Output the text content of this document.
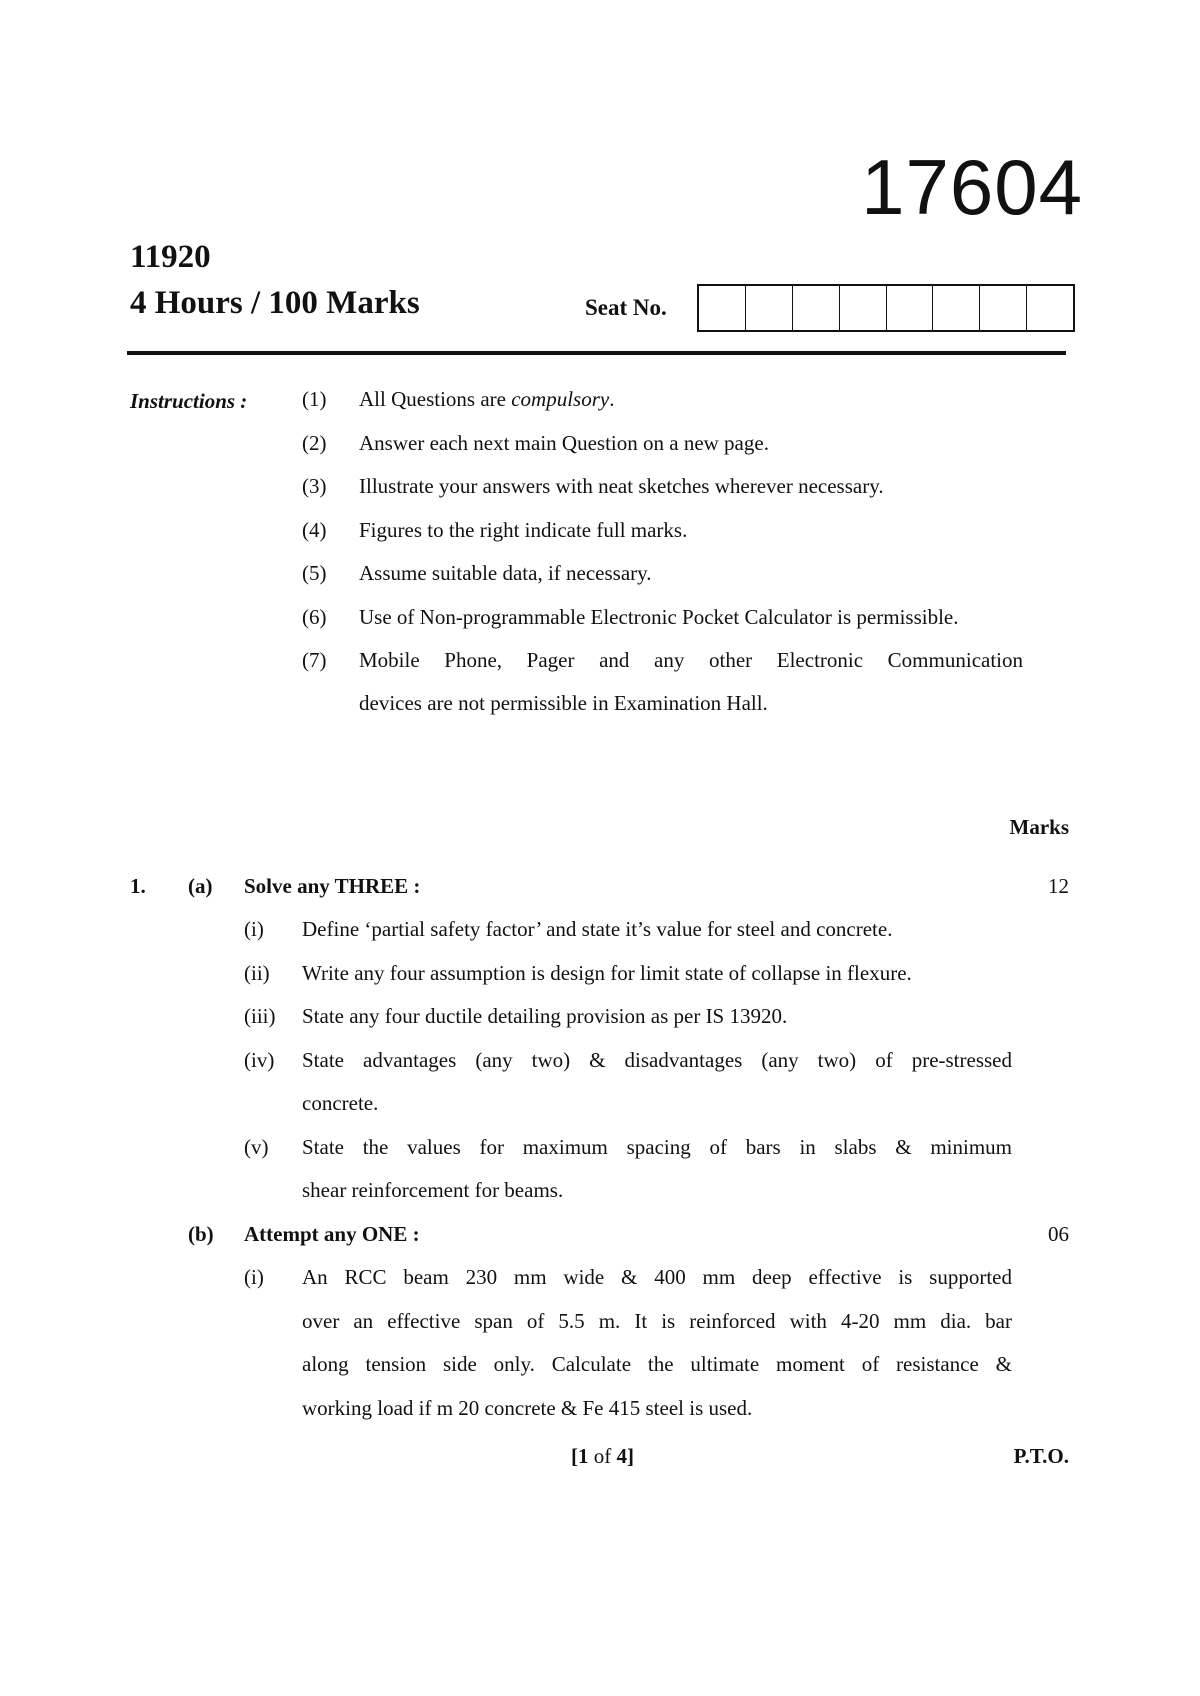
17604
11920
4 Hours / 100 Marks	Seat No.
Instructions :	(1) All Questions are compulsory.
(2) Answer each next main Question on a new page.
(3) Illustrate your answers with neat sketches wherever necessary.
(4) Figures to the right indicate full marks.
(5) Assume suitable data, if necessary.
(6) Use of Non-programmable Electronic Pocket Calculator is permissible.
(7) Mobile Phone, Pager and any other Electronic Communication
devices are not permissible in Examination Hall.
Marks
1. (a) Solve any THREE :	12
(i) Define ‘partial safety factor’ and state it’s value for steel and concrete.
(ii) Write any four assumption is design for limit state of collapse in flexure.
(iii) State any four ductile detailing provision as per IS 13920.
(iv) State advantages (any two) & disadvantages (any two) of pre-stressed
concrete.
(v) State the values for maximum spacing of bars in slabs & minimum
shear reinforcement for beams.
(b) Attempt any ONE :	06
(i) An RCC beam 230 mm wide & 400 mm deep effective is supported
over an effective span of 5.5 m. It is reinforced with 4-20 mm dia. bar
along tension side only. Calculate the ultimate moment of resistance &
working load if m 20 concrete & Fe 415 steel is used.
[1 of 4]	P.T.O.
